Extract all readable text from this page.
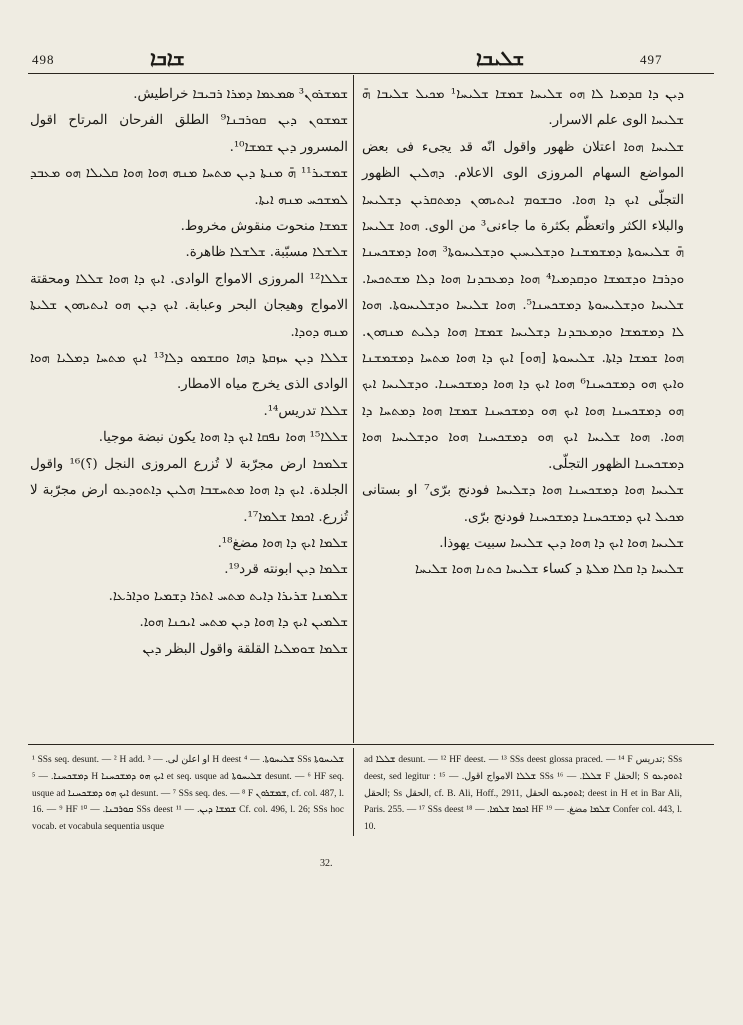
498	ܫܐܒܐ	ܫܠܝܒܐ	497

ܫܡܫܪܘܢ³ ܣܡܥܡܐ ܕܡܪܐ ܪܒܝܒܐ خراطيش.

ܫܡܫܘܢ ܕܝܢ ܩܘܪܒܢܐ⁹ الطلق الفرحان المرتاح اقول المسرور ܕܝܢ ܫܡܫܐ¹⁰.

ܫܡܫܝܪ¹¹ ܗ̄ ܡܢܬܐ ܕܝܢ ܡܬܚܐ ܡܢܗ ܗܘܐ ܗܘܐ ܩܠܝܠܐ ܗܘ ܡܥܒܕ ܠܡܫܟܚ ܡܢܗ ܐܝܬܐ.

ܫܡܫܐ منحوت منقوش مخروط.

ܫܠܫܠܐ مسبّبة. ܫܠܫܠܐ ظاهرة.

ܫܠܠܐ¹² المروزى الامواج الوادى. ܐܝܟ ܕܐ ܗܘܐ ܫܠܠܐ ومحقتة الامواج وهيجان البحر وعبابة. ܐܝܟ ܕܝܢ ܗܘ ܐܝܬܝܗܘܢ ܫܠܝܬܐ ܡܢܗ ܕܘܕܐ.

ܫܠܠܐ ܕܝܢ ܚܙܩܬܐ ܕܗܐ ܘܩܫܡܘ ܕܠܐ¹³ ܐܝܟ ܡܬܚܐ ܕܡܠܝܐ ܗܘܐ الوادى الذى يخرج مياه الامطار.

ܫܠܠܐ تدريس¹⁴.

ܫܠܠܐ¹⁵ ܗܘܐ ܢܦܩܐ ܐܝܟ ܕܐ ܗܘܐ يكون نبضة موجيا.

ܫܠܡܟܐ ارض مجرّبة لا تُزرع المروزى النجل (؟)¹⁶ واقول الجلدة. ܐܝܟ ܕܐ ܗܘܐ ܡܬܚܫܒܐ ܗܠܝܢ ܕܐܬܘܕܥܘ ارض مجرّبة لا تُزرع. ܐܟܡܐ ܫܠܡܐ¹⁷.

ܫܠܡܐ ܐܝܟ ܕܐ ܗܘܐ مضغ¹⁸.

ܫܠܡܐ ܕܝܢ ابونته قرد¹⁹.

ܫܠܡܢܐ ܫܪܝܪܐ ܕܐܝܬ ܡܬܚ ܐܬܪܐ ܕܫܡܝܐ ܘܕܐܪܥܐ.

ܫܠܡܝܢ ܐܝܟ ܕܐ ܗܘܐ ܕܝܢ ܡܬܚ ܐܝܟܢܐ ܗܘܐ.

ܫܠܡܐ ܫܘܡܠܝܐ القلقة واقول البظر ܕܝܢ

ܕܝܢ ܕܐ ܩܕܡܝܐ ܠܐ ܗܘ ܫܠܝܚܐ ܫܡܫܐ ܫܠܝܚܐ¹ ܡܟܝܠ ܫܠܝܒܐ ܗ̄ ܫܠܝܚܐ الوى علم الاسرار.

ܫܠܝܚܐ ܗܘܐ اعتلان ظهور واقول انّه قد يجىء فى بعض المواضع السهام المروزى الوى الاعلام. ܕܗܠܝܢ الظهور التجلّى ܐܝܟ ܕܐ ܗܘܐ. ܘܒܫܘܡ ܐܝܬܝܗܘܢ ܕܡܬܩܪܝܢ ܕܫܠܝܚܐ والبلاء الكثر واتعظّم بكثرة ما جاءنى³ من الوى. ܗܘܐ ܫܠܝܚܐ ܗ̄ ܫܠܝܚܘܬܐ ܕܡܫܡܫܢܐ ܘܕܫܠܝܚܝܢ ܘܕܫܠܝܚܘܬܐ³ ܗܘܐ ܕܡܫܟܚܢܐ ܘܕܪܒܐ ܘܕܫܡܫܐ ܘܕܩܕܡܝܐ⁴ ܗܘܐ ܕܡܥܒܕܢܐ ܗܘܐ ܕܠܐ ܡܫܬܟܚܐ. ܫܠܝܚܐ ܘܕܫܠܝܚܘܬܐ ܕܡܫܟܚܢܐ⁵. ܗܘܐ ܫܠܝܚܐ ܘܕܫܠܝܚܘܬܐ. ܗܘܐ ܠܐ ܕܡܫܡܫܐ ܘܕܡܥܒܕܢܐ ܕܫܠܝܚܐ ܫܡܫܐ ܗܘܐ ܕܠܝܬ ܡܢܗܘܢ. ܗܘܐ ܫܡܫܐ ܕܐܬܐ. ܫܠܝܚܘܬܐ [ܗܘ] ܐܝܟ ܕܐ ܗܘܐ ܡܬܚܐ ܕܡܫܡܫܢܐ ܘܐܝܟ ܗܘ ܕܡܫܟܚܢܐ⁶ ܗܘܐ ܐܝܟ ܕܐ ܗܘܐ ܕܡܫܟܚܢܐ. ܘܕܫܠܝܚܐ ܐܝܟ ܗܘ ܕܡܫܟܚܢܐ ܗܘܐ ܐܝܟ ܗܘ ܕܡܫܟܚܢܐ ܫܡܫܐ ܗܘܐ ܕܡܬܚܐ ܕܐ ܗܘܐ. ܗܘܐ ܫܠܝܚܐ ܐܝܟ ܗܘ ܕܡܫܟܚܢܐ ܗܘܐ ܘܕܫܠܝܚܐ ܗܘܐ ܕܡܫܟܚܢܐ الظهور التجلّى.

ܫܠܝܚܐ ܗܘܐ ܕܡܫܟܚܢܐ ܗܘܐ ܕܫܠܝܚܐ فودنج برّى⁷ او بستانى ܡܟܝܠ ܐܝܟ ܕܡܫܟܚܢܐ ܕܡܫܟܚܢܐ فودنج برّى.

ܫܠܝܚܐ ܗܘܐ ܐܝܟ ܕܐ ܗܘܐ ܕܝܢ ܫܠܝܚܐ سبيت يهوذا.

ܫܠܝܚܐ ܕܐ ܩܠܐ ܡܠܬܐ ܕ كساء ܫܠܝܚܐ ܟܬܢܐ ܗܘܐ ܫܠܝܚܐ

¹ SSs seq. desunt. — ² H add. او اعلن لى. — ³ H deest ܫܠܝܚܘܬܐ. — ⁴ SSs ܫܠܝܚܘܬܐ ܕܡܫܟܚܢܐ. — ⁵ H ܐܝܟ ܗܘ ܕܡܫܟܚܢܐ et seq. usque ad ܫܠܝܚܘܬܐ desunt. — ⁶ HF seq. usque ad ܐܝܟ ܗܘ ܕܡܫܟܚܢܐ desunt. — ⁷ SSs seq. des. — ⁸ F ܫܡܫܪܘܢ, cf. col. 487, l. 16. — ⁹ HF ܩܘܪܒܢܐ. — ¹⁰ SSs deest ܫܡܫܐ ܕܝܢ. — ¹¹ Cf. col. 496, l. 26; SSs hoc vocab. et vocabula sequentia usque

ad ܫܠܠܐ desunt. — ¹² HF deest. — ¹³ SSs deest glossa praced. — ¹⁴ F تدريس; SSs deest, sed legitur : ܫܠܠܐ الامواج اقول. — ¹⁵ SSs ܫܠܠܐ. — ¹⁶ F الحقل; S ܐܬܘܕܥܘ الحقل; Ss الحقل, cf. B. Ali, Hoff., 2911, ܐܬܘܕܥܘ الحقل; deest in H et in Bar Ali, Paris. 255. — ¹⁷ SSs deest ܐܟܡܐ ܫܠܡܐ. — ¹⁸ HF ܫܠܡܐ مضغ. — ¹⁹ Confer col. 443, l. 10.

32.
